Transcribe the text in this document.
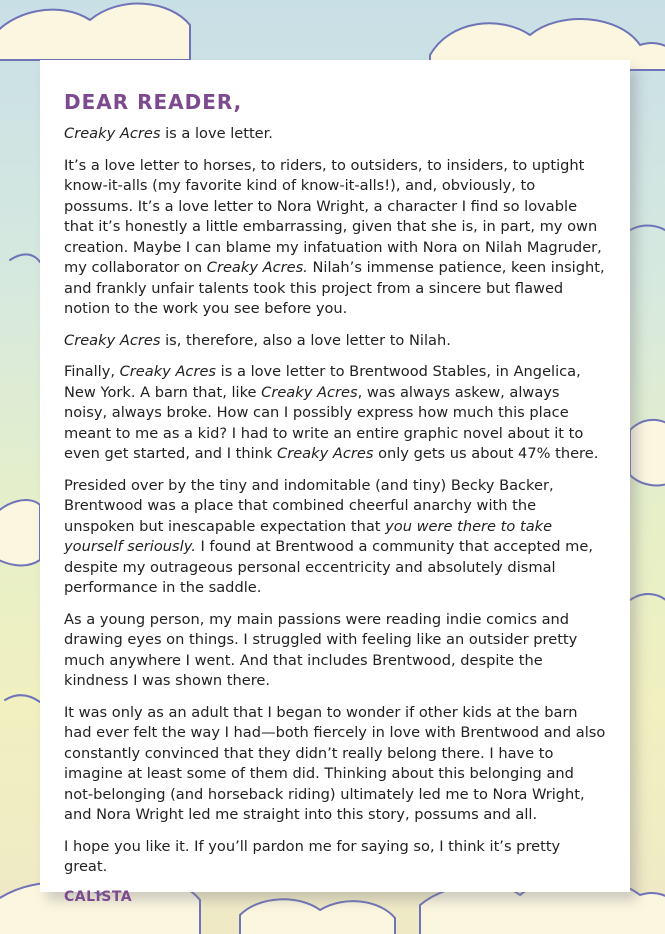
DEAR READER,

Creaky Acres is a love letter.

It’s a love letter to horses, to riders, to outsiders, to insiders, to uptight know-it-alls (my favorite kind of know-it-alls!), and, obviously, to possums. It’s a love letter to Nora Wright, a character I find so lovable that it’s honestly a little embarrassing, given that she is, in part, my own creation. Maybe I can blame my infatuation with Nora on Nilah Magruder, my collaborator on Creaky Acres. Nilah’s immense patience, keen insight, and frankly unfair talents took this project from a sincere but flawed notion to the work you see before you.

Creaky Acres is, therefore, also a love letter to Nilah.

Finally, Creaky Acres is a love letter to Brentwood Stables, in Angelica, New York. A barn that, like Creaky Acres, was always askew, always noisy, always broke. How can I possibly express how much this place meant to me as a kid? I had to write an entire graphic novel about it to even get started, and I think Creaky Acres only gets us about 47% there.

Presided over by the tiny and indomitable (and tiny) Becky Backer, Brentwood was a place that combined cheerful anarchy with the unspoken but inescapable expectation that you were there to take yourself seriously. I found at Brentwood a community that accepted me, despite my outrageous personal eccentricity and absolutely dismal performance in the saddle.

As a young person, my main passions were reading indie comics and drawing eyes on things. I struggled with feeling like an outsider pretty much anywhere I went. And that includes Brentwood, despite the kindness I was shown there.

It was only as an adult that I began to wonder if other kids at the barn had ever felt the way I had—both fiercely in love with Brentwood and also constantly convinced that they didn’t really belong there. I have to imagine at least some of them did. Thinking about this belonging and not-belonging (and horseback riding) ultimately led me to Nora Wright, and Nora Wright led me straight into this story, possums and all.

I hope you like it. If you’ll pardon me for saying so, I think it’s pretty great.

CALISTA
